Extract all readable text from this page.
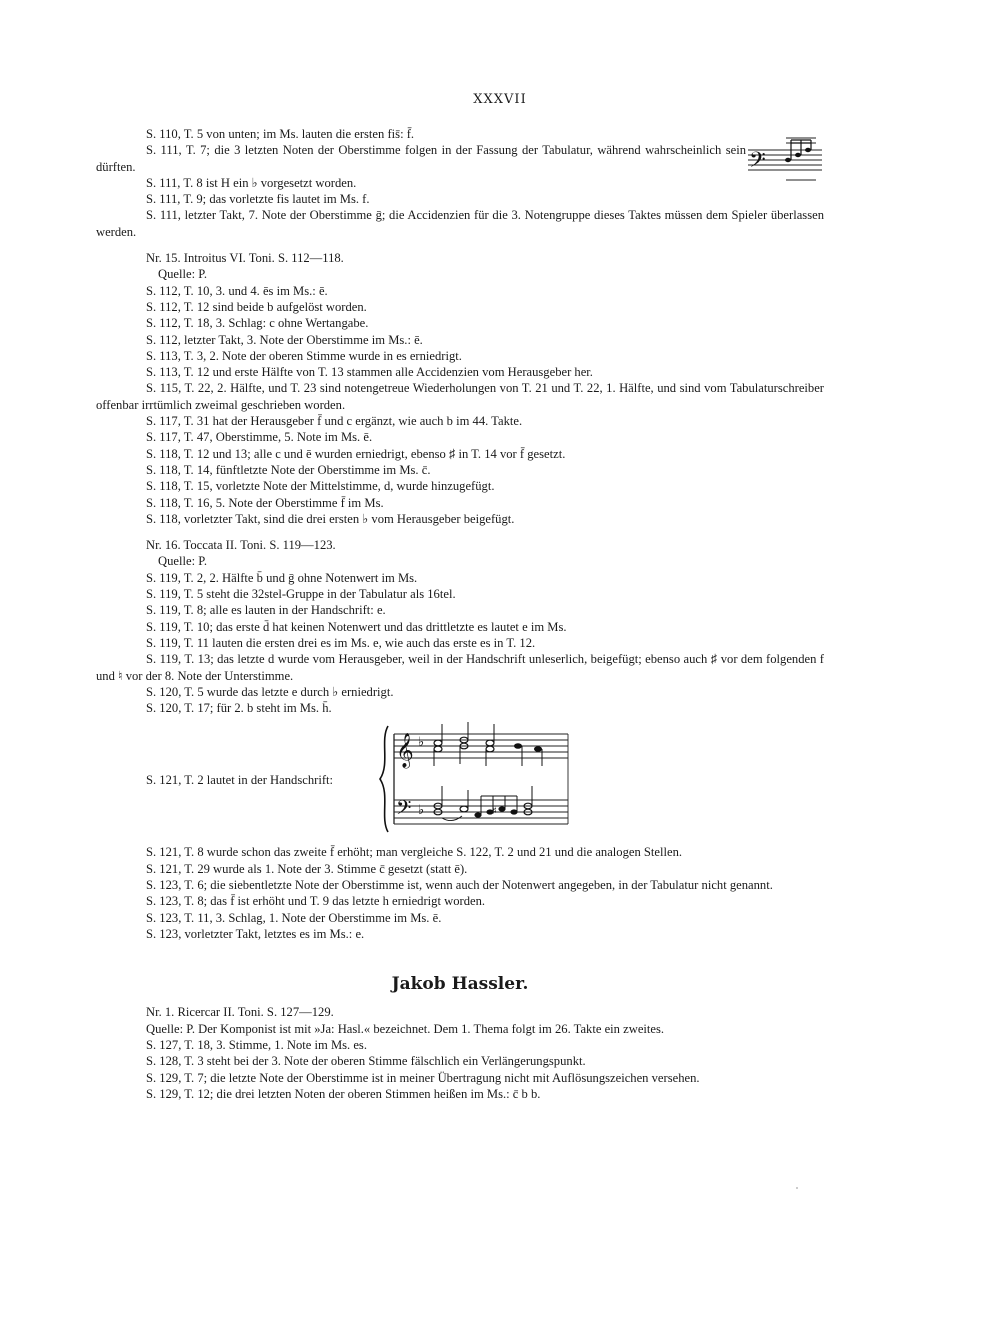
XXXVII
𝄢

S. 110, T. 5 von unten; im Ms. lauten die ersten fis̄: f̄.

S. 111, T. 7; die 3 letzten Noten der Oberstimme folgen in der Fassung der Tabulatur, während wahrscheinlich sein dürften.

S. 111, T. 8 ist H ein ♭ vorgesetzt worden.

S. 111, T. 9; das vorletzte fis lautet im Ms. f.

S. 111, letzter Takt, 7. Note der Oberstimme ḡ; die Accidenzien für die 3. Notengruppe dieses Taktes müssen dem Spieler überlassen werden.

Nr. 15. Introitus VI. Toni. S. 112—118.
Quelle: P.

S. 112, T. 10, 3. und 4. ēs im Ms.: ē.

S. 112, T. 12 sind beide b aufgelöst worden.

S. 112, T. 18, 3. Schlag: c ohne Wertangabe.

S. 112, letzter Takt, 3. Note der Oberstimme im Ms.: ē.

S. 113, T. 3, 2. Note der oberen Stimme wurde in es erniedrigt.

S. 113, T. 12 und erste Hälfte von T. 13 stammen alle Accidenzien vom Herausgeber her.

S. 115, T. 22, 2. Hälfte, und T. 23 sind notengetreue Wiederholungen von T. 21 und T. 22, 1. Hälfte, und sind vom Tabulaturschreiber offenbar irrtümlich zweimal geschrieben worden.

S. 117, T. 31 hat der Herausgeber f̄ und c ergänzt, wie auch b im 44. Takte.

S. 117, T. 47, Oberstimme, 5. Note im Ms. ē.

S. 118, T. 12 und 13; alle c und ē wurden erniedrigt, ebenso ♯ in T. 14 vor f̄ gesetzt.

S. 118, T. 14, fünftletzte Note der Oberstimme im Ms. c̄.

S. 118, T. 15, vorletzte Note der Mittelstimme, d, wurde hinzugefügt.

S. 118, T. 16, 5. Note der Oberstimme f̄ im Ms.

S. 118, vorletzter Takt, sind die drei ersten ♭ vom Herausgeber beigefügt.

Nr. 16. Toccata II. Toni. S. 119—123.
Quelle: P.

S. 119, T. 2, 2. Hälfte b̄ und ḡ ohne Notenwert im Ms.

S. 119, T. 5 steht die 32stel-Gruppe in der Tabulatur als 16tel.

S. 119, T. 8; alle es lauten in der Handschrift: e.

S. 119, T. 10; das erste d̄ hat keinen Notenwert und das drittletzte es lautet e im Ms.

S. 119, T. 11 lauten die ersten drei es im Ms. e, wie auch das erste es in T. 12.

S. 119, T. 13; das letzte d wurde vom Herausgeber, weil in der Handschrift unleserlich, beigefügt; ebenso auch ♯ vor dem folgenden f und ♮ vor der 8. Note der Unterstimme.

S. 120, T. 5 wurde das letzte e durch ♭ erniedrigt.

S. 120, T. 17; für 2. b steht im Ms. h̄.

S. 121, T. 2 lautet in der Handschrift:
𝄞 ♭
𝄢 ♭	♯

S. 121, T. 8 wurde schon das zweite f̄ erhöht; man vergleiche S. 122, T. 2 und 21 und die analogen Stellen.

S. 121, T. 29 wurde als 1. Note der 3. Stimme c̄ gesetzt (statt ē).

S. 123, T. 6; die siebentletzte Note der Oberstimme ist, wenn auch der Notenwert angegeben, in der Tabulatur nicht genannt.

S. 123, T. 8; das f̄ ist erhöht und T. 9 das letzte h erniedrigt worden.

S. 123, T. 11, 3. Schlag, 1. Note der Oberstimme im Ms. ē.

S. 123, vorletzter Takt, letztes es im Ms.: e.

Jakob Hassler.
Nr. 1. Ricercar II. Toni. S. 127—129.

Quelle: P. Der Komponist ist mit »Ja: Hasl.« bezeichnet. Dem 1. Thema folgt im 26. Takte ein zweites.

S. 127, T. 18, 3. Stimme, 1. Note im Ms. es.

S. 128, T. 3 steht bei der 3. Note der oberen Stimme fälschlich ein Verlängerungspunkt.

S. 129, T. 7; die letzte Note der Oberstimme ist in meiner Übertragung nicht mit Auflösungszeichen versehen.

S. 129, T. 12; die drei letzten Noten der oberen Stimmen heißen im Ms.: c̄ b b.
